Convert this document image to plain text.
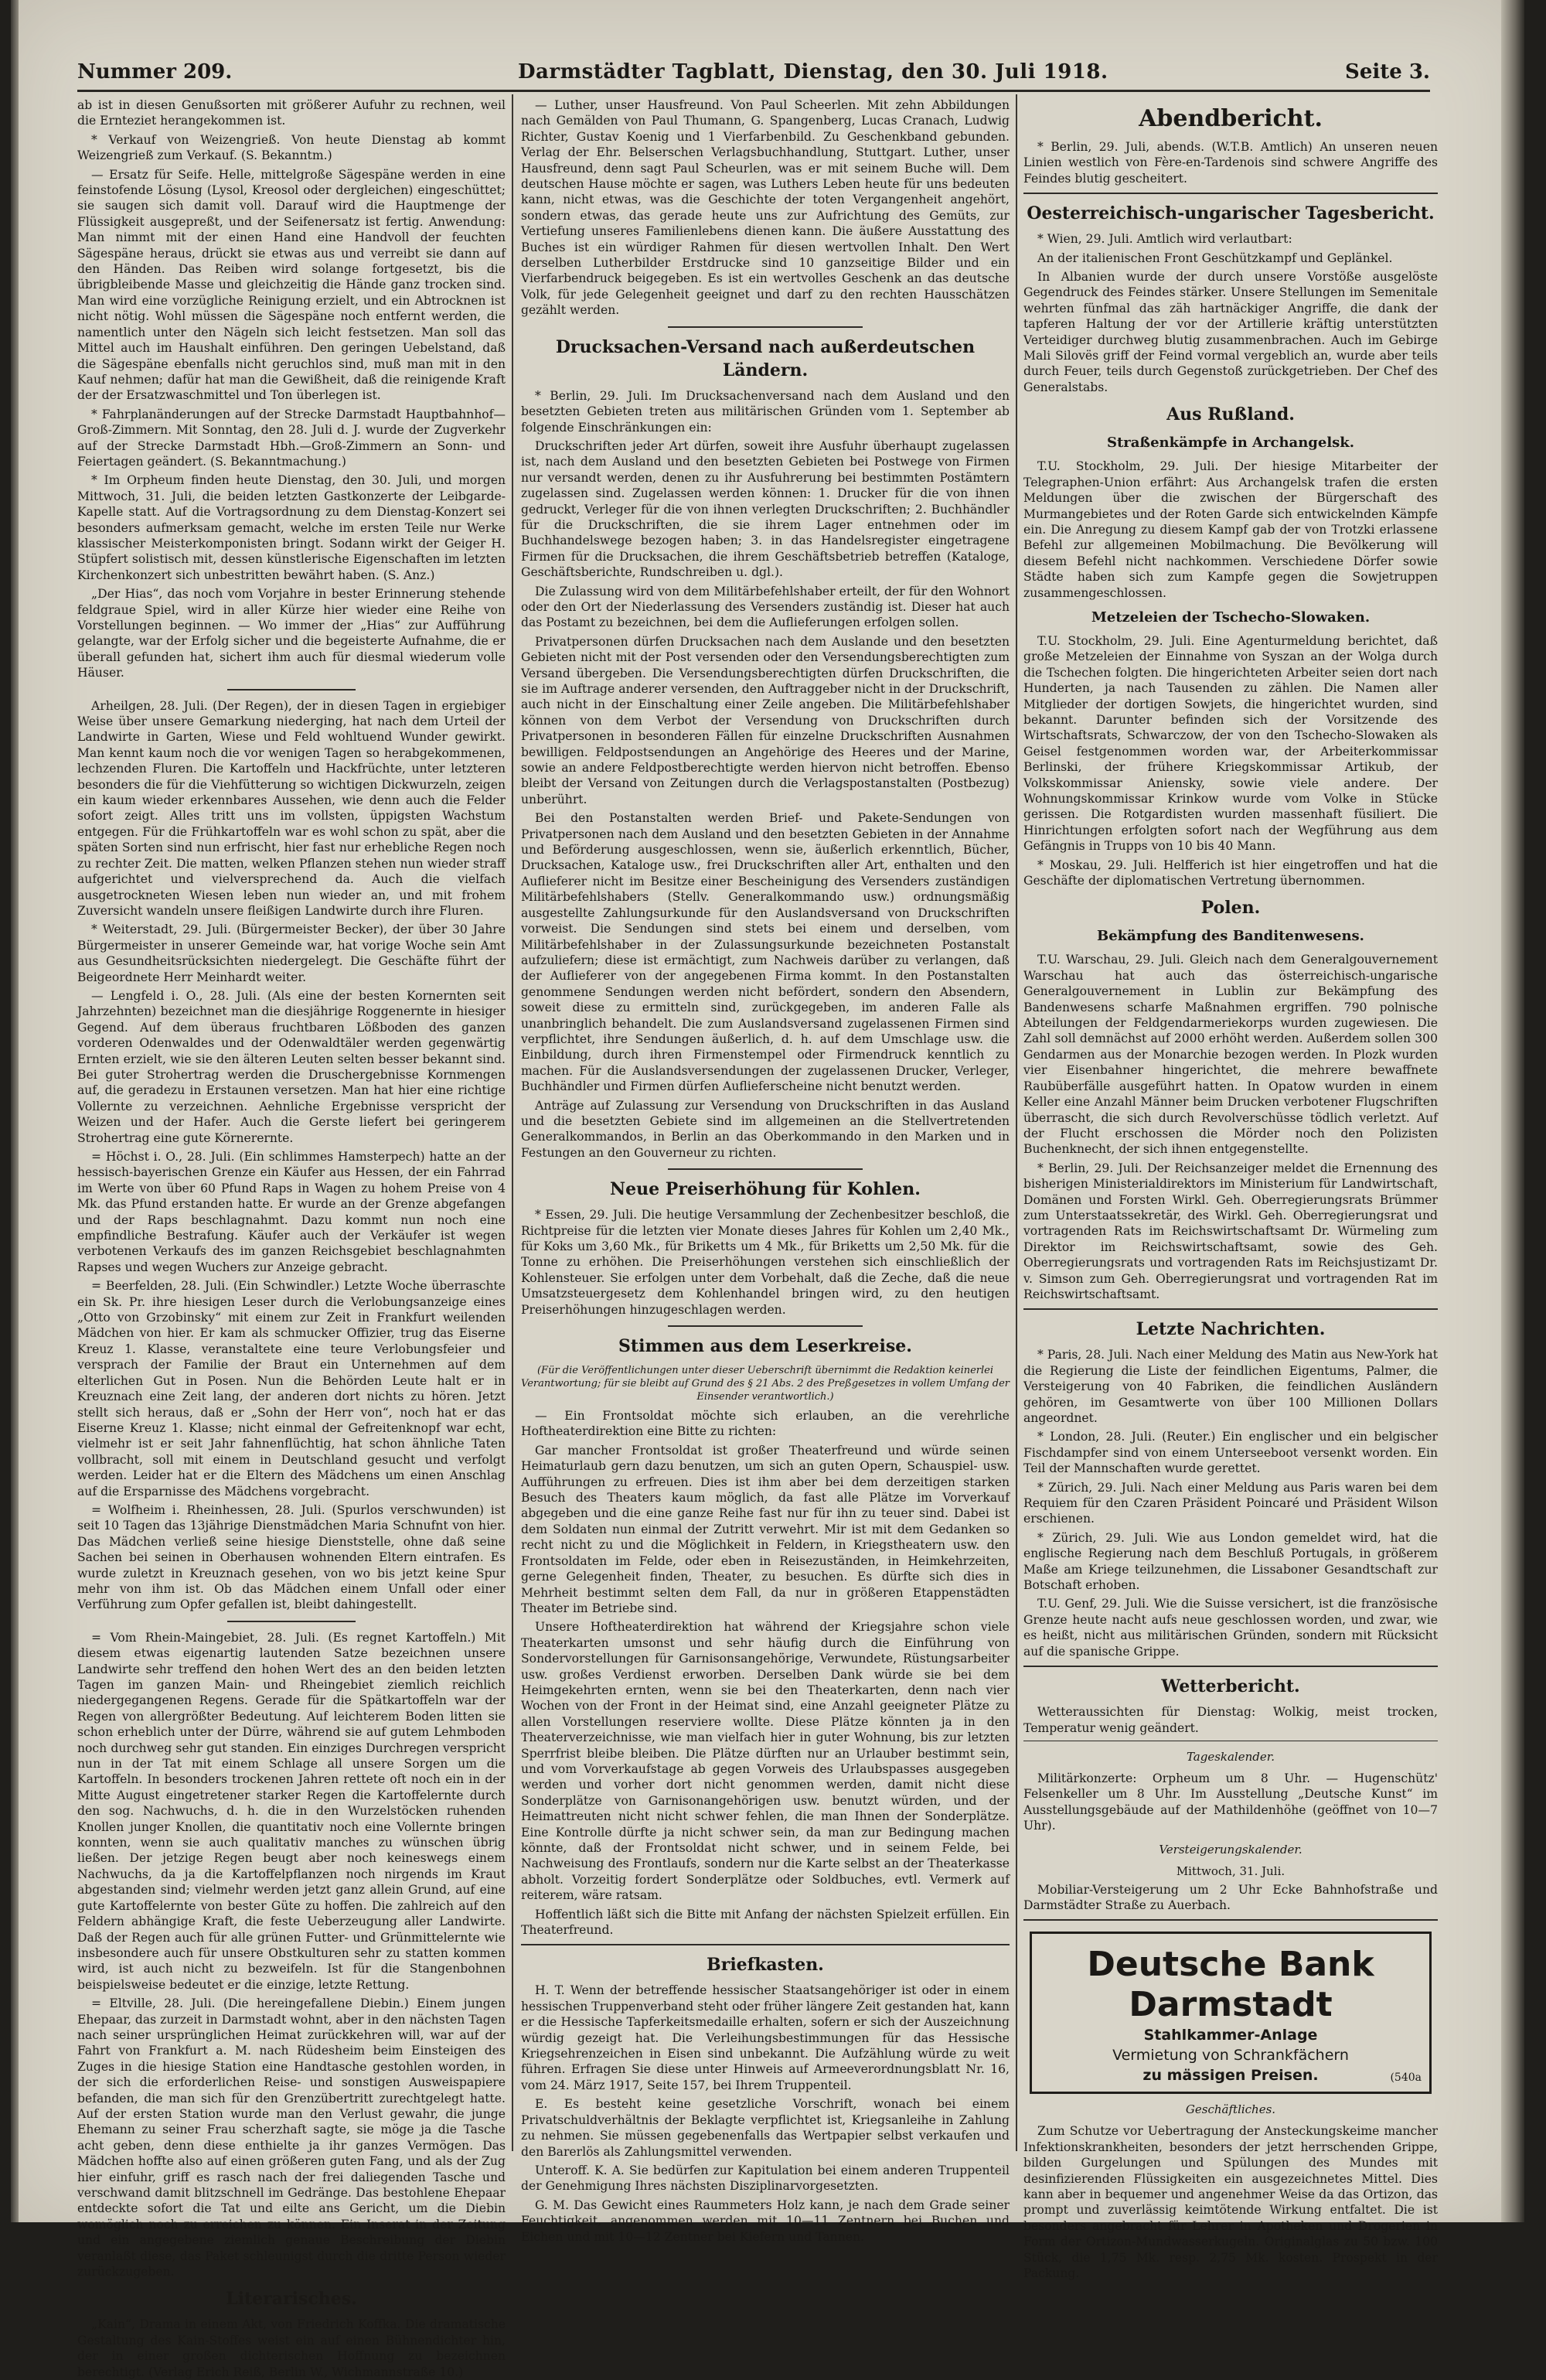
Nummer 209.	Darmstädter Tagblatt, Dienstag, den 30. Juli 1918.	Seite 3.

ab ist in diesen Genußsorten mit größerer Aufuhr zu rechnen, weil die Ernteziet herangekommen ist.

* Verkauf von Weizengrieß. Von heute Dienstag ab kommt Weizengrieß zum Verkauf. (S. Bekanntm.)

— Ersatz für Seife. Helle, mittelgroße Sägespäne werden in eine feinstofende Lösung (Lysol, Kreosol oder dergleichen) eingeschüttet; sie saugen sich damit voll. Darauf wird die Hauptmenge der Flüssigkeit ausgepreßt, und der Seifenersatz ist fertig. Anwendung: Man nimmt mit der einen Hand eine Handvoll der feuchten Sägespäne heraus, drückt sie etwas aus und verreibt sie dann auf den Händen. Das Reiben wird solange fortgesetzt, bis die übrigbleibende Masse und gleichzeitig die Hände ganz trocken sind. Man wird eine vorzügliche Reinigung erzielt, und ein Abtrocknen ist nicht nötig. Wohl müssen die Sägespäne noch entfernt werden, die namentlich unter den Nägeln sich leicht festsetzen. Man soll das Mittel auch im Haushalt einführen. Den geringen Uebelstand, daß die Sägespäne ebenfalls nicht geruchlos sind, muß man mit in den Kauf nehmen; dafür hat man die Gewißheit, daß die reinigende Kraft der der Ersatzwaschmittel und Ton überlegen ist.

* Fahrplanänderungen auf der Strecke Darmstadt Hauptbahnhof—Groß-Zimmern. Mit Sonntag, den 28. Juli d. J. wurde der Zugverkehr auf der Strecke Darmstadt Hbh.—Groß-Zimmern an Sonn- und Feiertagen geändert. (S. Bekanntmachung.)

* Im Orpheum finden heute Dienstag, den 30. Juli, und morgen Mittwoch, 31. Juli, die beiden letzten Gastkonzerte der Leibgarde-Kapelle statt. Auf die Vortragsordnung zu dem Dienstag-Konzert sei besonders aufmerksam gemacht, welche im ersten Teile nur Werke klassischer Meisterkomponisten bringt. Sodann wirkt der Geiger H. Stüpfert solistisch mit, dessen künstlerische Eigenschaften im letzten Kirchenkonzert sich unbestritten bewährt haben. (S. Anz.)

„Der Hias“, das noch vom Vorjahre in bester Erinnerung stehende feldgraue Spiel, wird in aller Kürze hier wieder eine Reihe von Vorstellungen beginnen. — Wo immer der „Hias“ zur Aufführung gelangte, war der Erfolg sicher und die begeisterte Aufnahme, die er überall gefunden hat, sichert ihm auch für diesmal wiederum volle Häuser.

Arheilgen, 28. Juli. (Der Regen), der in diesen Tagen in ergiebiger Weise über unsere Gemarkung niederging, hat nach dem Urteil der Landwirte in Garten, Wiese und Feld wohltuend Wunder gewirkt. Man kennt kaum noch die vor wenigen Tagen so herabgekommenen, lechzenden Fluren. Die Kartoffeln und Hackfrüchte, unter letzteren besonders die für die Viehfütterung so wichtigen Dickwurzeln, zeigen ein kaum wieder erkennbares Aussehen, wie denn auch die Felder sofort zeigt. Alles tritt uns im vollsten, üppigsten Wachstum entgegen. Für die Frühkartoffeln war es wohl schon zu spät, aber die späten Sorten sind nun erfrischt, hier fast nur erhebliche Regen noch zu rechter Zeit. Die matten, welken Pflanzen stehen nun wieder straff aufgerichtet und vielversprechend da. Auch die vielfach ausgetrockneten Wiesen leben nun wieder an, und mit frohem Zuversicht wandeln unsere fleißigen Landwirte durch ihre Fluren.

* Weiterstadt, 29. Juli. (Bürgermeister Becker), der über 30 Jahre Bürgermeister in unserer Gemeinde war, hat vorige Woche sein Amt aus Gesundheitsrücksichten niedergelegt. Die Geschäfte führt der Beigeordnete Herr Meinhardt weiter.

— Lengfeld i. O., 28. Juli. (Als eine der besten Kornernten seit Jahrzehnten) bezeichnet man die diesjährige Roggenernte in hiesiger Gegend. Auf dem überaus fruchtbaren Lößboden des ganzen vorderen Odenwaldes und der Odenwaldtäler werden gegenwärtig Ernten erzielt, wie sie den älteren Leuten selten besser bekannt sind. Bei guter Strohertrag werden die Druschergebnisse Kornmengen auf, die geradezu in Erstaunen versetzen. Man hat hier eine richtige Vollernte zu verzeichnen. Aehnliche Ergebnisse verspricht der Weizen und der Hafer. Auch die Gerste liefert bei geringerem Strohertrag eine gute Körnerernte.

= Höchst i. O., 28. Juli. (Ein schlimmes Hamsterpech) hatte an der hessisch-bayerischen Grenze ein Käufer aus Hessen, der ein Fahrrad im Werte von über 60 Pfund Raps in Wagen zu hohem Preise von 4 Mk. das Pfund erstanden hatte. Er wurde an der Grenze abgefangen und der Raps beschlagnahmt. Dazu kommt nun noch eine empfindliche Bestrafung. Käufer auch der Verkäufer ist wegen verbotenen Verkaufs des im ganzen Reichsgebiet beschlagnahmten Rapses und wegen Wuchers zur Anzeige gebracht.

= Beerfelden, 28. Juli. (Ein Schwindler.) Letzte Woche überraschte ein Sk. Pr. ihre hiesigen Leser durch die Verlobungsanzeige eines „Otto von Grzobinsky“ mit einem zur Zeit in Frankfurt weilenden Mädchen von hier. Er kam als schmucker Offizier, trug das Eiserne Kreuz 1. Klasse, veranstaltete eine teure Verlobungsfeier und versprach der Familie der Braut ein Unternehmen auf dem elterlichen Gut in Posen. Nun die Behörden Leute halt er in Kreuznach eine Zeit lang, der anderen dort nichts zu hören. Jetzt stellt sich heraus, daß er „Sohn der Herr von“, noch hat er das Eiserne Kreuz 1. Klasse; nicht einmal der Gefreitenknopf war echt, vielmehr ist er seit Jahr fahnenflüchtig, hat schon ähnliche Taten vollbracht, soll mit einem in Deutschland gesucht und verfolgt werden. Leider hat er die Eltern des Mädchens um einen Anschlag auf die Ersparnisse des Mädchens vorgebracht.

= Wolfheim i. Rheinhessen, 28. Juli. (Spurlos verschwunden) ist seit 10 Tagen das 13jährige Dienstmädchen Maria Schnufnt von hier. Das Mädchen verließ seine hiesige Dienststelle, ohne daß seine Sachen bei seinen in Oberhausen wohnenden Eltern eintrafen. Es wurde zuletzt in Kreuznach gesehen, von wo bis jetzt keine Spur mehr von ihm ist. Ob das Mädchen einem Unfall oder einer Verführung zum Opfer gefallen ist, bleibt dahingestellt.

= Vom Rhein-Maingebiet, 28. Juli. (Es regnet Kartoffeln.) Mit diesem etwas eigenartig lautenden Satze bezeichnen unsere Landwirte sehr treffend den hohen Wert des an den beiden letzten Tagen im ganzen Main- und Rheingebiet ziemlich reichlich niedergegangenen Regens. Gerade für die Spätkartoffeln war der Regen von allergrößter Bedeutung. Auf leichterem Boden litten sie schon erheblich unter der Dürre, während sie auf gutem Lehmboden noch durchweg sehr gut standen. Ein einziges Durchregen verspricht nun in der Tat mit einem Schlage all unsere Sorgen um die Kartoffeln. In besonders trockenen Jahren rettete oft noch ein in der Mitte August eingetretener starker Regen die Kartoffelernte durch den sog. Nachwuchs, d. h. die in den Wurzelstöcken ruhenden Knollen junger Knollen, die quantitativ noch eine Vollernte bringen konnten, wenn sie auch qualitativ manches zu wünschen übrig ließen. Der jetzige Regen beugt aber noch keineswegs einem Nachwuchs, da ja die Kartoffelpflanzen noch nirgends im Kraut abgestanden sind; vielmehr werden jetzt ganz allein Grund, auf eine gute Kartoffelernte von bester Güte zu hoffen. Die zahlreich auf den Feldern abhängige Kraft, die feste Ueberzeugung aller Landwirte. Daß der Regen auch für alle grünen Futter- und Grünmittelernte wie insbesondere auch für unsere Obstkulturen sehr zu statten kommen wird, ist auch nicht zu bezweifeln. Ist für die Stangenbohnen beispielsweise bedeutet er die einzige, letzte Rettung.

= Eltville, 28. Juli. (Die hereingefallene Diebin.) Einem jungen Ehepaar, das zurzeit in Darmstadt wohnt, aber in den nächsten Tagen nach seiner ursprünglichen Heimat zurückkehren will, war auf der Fahrt von Frankfurt a. M. nach Rüdesheim beim Einsteigen des Zuges in die hiesige Station eine Handtasche gestohlen worden, in der sich die erforderlichen Reise- und sonstigen Ausweispapiere befanden, die man sich für den Grenzübertritt zurechtgelegt hatte. Auf der ersten Station wurde man den Verlust gewahr, die junge Ehemann zu seiner Frau scherzhaft sagte, sie möge ja die Tasche acht geben, denn diese enthielte ja ihr ganzes Vermögen. Das Mädchen hoffte also auf einen größeren guten Fang, und als der Zug hier einfuhr, griff es rasch nach der frei daliegenden Tasche und verschwand damit blitzschnell im Gedränge. Das bestohlene Ehepaar entdeckte sofort die Tat und eilte ans Gericht, um die Diebin womöglich noch zu erreichen zu können. Ein Inserat in der Zeitung und ein angegebene ziemlich genaue Beschreibung der Diebin veranlaßt diese, das Paket schleunigst durch die dritte Person wieder zurückzugeben.

Literarisches.

„Kain“, Drama in einem Akt, von Friedrich Koffka. Die dramatische Gestaltung des Kain-Stoffes weist ein auf einen Bühnendichter hin, der in einer großen dichterischen Hoffnung zu bezeichnen berechtigt. (Verlag Erich Reiß, Berlin W., Wichmannstraße 10.)

— Luther, unser Hausfreund. Von Paul Scheerlen. Mit zehn Abbildungen nach Gemälden von Paul Thumann, G. Spangenberg, Lucas Cranach, Ludwig Richter, Gustav Koenig und 1 Vierfarbenbild. Zu Geschenkband gebunden. Verlag der Ehr. Belserschen Verlagsbuchhandlung, Stuttgart. Luther, unser Hausfreund, denn sagt Paul Scheurlen, was er mit seinem Buche will. Dem deutschen Hause möchte er sagen, was Luthers Leben heute für uns bedeuten kann, nicht etwas, was die Geschichte der toten Vergangenheit angehört, sondern etwas, das gerade heute uns zur Aufrichtung des Gemüts, zur Vertiefung unseres Familienlebens dienen kann. Die äußere Ausstattung des Buches ist ein würdiger Rahmen für diesen wertvollen Inhalt. Den Wert derselben Lutherbilder Erstdrucke sind 10 ganzseitige Bilder und ein Vierfarbendruck beigegeben. Es ist ein wertvolles Geschenk an das deutsche Volk, für jede Gelegenheit geeignet und darf zu den rechten Hausschätzen gezählt werden.

Drucksachen-Versand nach außerdeutschen Ländern.

* Berlin, 29. Juli. Im Drucksachenversand nach dem Ausland und den besetzten Gebieten treten aus militärischen Gründen vom 1. September ab folgende Einschränkungen ein:

Druckschriften jeder Art dürfen, soweit ihre Ausfuhr überhaupt zugelassen ist, nach dem Ausland und den besetzten Gebieten bei Postwege von Firmen nur versandt werden, denen zu ihr Ausfuhrerung bei bestimmten Postämtern zugelassen sind. Zugelassen werden können: 1. Drucker für die von ihnen gedruckt, Verleger für die von ihnen verlegten Druckschriften; 2. Buchhändler für die Druckschriften, die sie ihrem Lager entnehmen oder im Buchhandelswege bezogen haben; 3. in das Handelsregister eingetragene Firmen für die Drucksachen, die ihrem Geschäftsbetrieb betreffen (Kataloge, Geschäftsberichte, Rundschreiben u. dgl.).

Die Zulassung wird von dem Militärbefehlshaber erteilt, der für den Wohnort oder den Ort der Niederlassung des Versenders zuständig ist. Dieser hat auch das Postamt zu bezeichnen, bei dem die Auflieferungen erfolgen sollen.

Privatpersonen dürfen Drucksachen nach dem Auslande und den besetzten Gebieten nicht mit der Post versenden oder den Versendungsberechtigten zum Versand übergeben. Die Versendungsberechtigten dürfen Druckschriften, die sie im Auftrage anderer versenden, den Auftraggeber nicht in der Druckschrift, auch nicht in der Einschaltung einer Zeile angeben. Die Militärbefehlshaber können von dem Verbot der Versendung von Druckschriften durch Privatpersonen in besonderen Fällen für einzelne Druckschriften Ausnahmen bewilligen. Feldpostsendungen an Angehörige des Heeres und der Marine, sowie an andere Feldpostberechtigte werden hiervon nicht betroffen. Ebenso bleibt der Versand von Zeitungen durch die Verlagspostanstalten (Postbezug) unberührt.

Bei den Postanstalten werden Brief- und Pakete-Sendungen von Privatpersonen nach dem Ausland und den besetzten Gebieten in der Annahme und Beförderung ausgeschlossen, wenn sie, äußerlich erkenntlich, Bücher, Drucksachen, Kataloge usw., frei Druckschriften aller Art, enthalten und den Auflieferer nicht im Besitze einer Bescheinigung des Versenders zuständigen Militärbefehlshabers (Stellv. Generalkommando usw.) ordnungsmäßig ausgestellte Zahlungsurkunde für den Auslandsversand von Druckschriften vorweist. Die Sendungen sind stets bei einem und derselben, vom Militärbefehlshaber in der Zulassungsurkunde bezeichneten Postanstalt aufzuliefern; diese ist ermächtigt, zum Nachweis darüber zu verlangen, daß der Auflieferer von der angegebenen Firma kommt. In den Postanstalten genommene Sendungen werden nicht befördert, sondern den Absendern, soweit diese zu ermitteln sind, zurückgegeben, im anderen Falle als unanbringlich behandelt. Die zum Auslandsversand zugelassenen Firmen sind verpflichtet, ihre Sendungen äußerlich, d. h. auf dem Umschlage usw. die Einbildung, durch ihren Firmenstempel oder Firmendruck kenntlich zu machen. Für die Auslandsversendungen der zugelassenen Drucker, Verleger, Buchhändler und Firmen dürfen Auflieferscheine nicht benutzt werden.

Anträge auf Zulassung zur Versendung von Druckschriften in das Ausland und die besetzten Gebiete sind im allgemeinen an die Stellvertretenden Generalkommandos, in Berlin an das Oberkommando in den Marken und in Festungen an den Gouverneur zu richten.

Neue Preiserhöhung für Kohlen.

* Essen, 29. Juli. Die heutige Versammlung der Zechenbesitzer beschloß, die Richtpreise für die letzten vier Monate dieses Jahres für Kohlen um 2,40 Mk., für Koks um 3,60 Mk., für Briketts um 4 Mk., für Briketts um 2,50 Mk. für die Tonne zu erhöhen. Die Preiserhöhungen verstehen sich einschließlich der Kohlensteuer. Sie erfolgen unter dem Vorbehalt, daß die Zeche, daß die neue Umsatzsteuergesetz dem Kohlenhandel bringen wird, zu den heutigen Preiserhöhungen hinzugeschlagen werden.

Stimmen aus dem Leserkreise.
(Für die Veröffentlichungen unter dieser Ueberschrift übernimmt die Redaktion keinerlei Verantwortung; für sie bleibt auf Grund des § 21 Abs. 2 des Preßgesetzes in vollem Umfang der Einsender verantwortlich.)

— Ein Frontsoldat möchte sich erlauben, an die verehrliche Hoftheaterdirektion eine Bitte zu richten:

Gar mancher Frontsoldat ist großer Theaterfreund und würde seinen Heimaturlaub gern dazu benutzen, um sich an guten Opern, Schauspiel- usw. Aufführungen zu erfreuen. Dies ist ihm aber bei dem derzeitigen starken Besuch des Theaters kaum möglich, da fast alle Plätze im Vorverkauf abgegeben und die eine ganze Reihe fast nur für ihn zu teuer sind. Dabei ist dem Soldaten nun einmal der Zutritt verwehrt. Mir ist mit dem Gedanken so recht nicht zu und die Möglichkeit in Feldern, in Kriegstheatern usw. den Frontsoldaten im Felde, oder eben in Reisezuständen, in Heimkehrzeiten, gerne Gelegenheit finden, Theater, zu besuchen. Es dürfte sich dies in Mehrheit bestimmt selten dem Fall, da nur in größeren Etappenstädten Theater im Betriebe sind.

Unsere Hoftheaterdirektion hat während der Kriegsjahre schon viele Theaterkarten umsonst und sehr häufig durch die Einführung von Sondervorstellungen für Garnisonsangehörige, Verwundete, Rüstungsarbeiter usw. großes Verdienst erworben. Derselben Dank würde sie bei dem Heimgekehrten ernten, wenn sie bei den Theaterkarten, denn nach vier Wochen von der Front in der Heimat sind, eine Anzahl geeigneter Plätze zu allen Vorstellungen reserviere wollte. Diese Plätze könnten ja in den Theaterverzeichnisse, wie man vielfach hier in guter Wohnung, bis zur letzten Sperrfrist bleibe bleiben. Die Plätze dürften nur an Urlauber bestimmt sein, und vom Vorverkaufstage ab gegen Vorweis des Urlaubspasses ausgegeben werden und vorher dort nicht genommen werden, damit nicht diese Sonderplätze von Garnisonangehörigen usw. benutzt würden, und der Heimattreuten nicht nicht schwer fehlen, die man Ihnen der Sonderplätze. Eine Kontrolle dürfte ja nicht schwer sein, da man zur Bedingung machen könnte, daß der Frontsoldat nicht schwer, und in seinem Felde, bei Nachweisung des Frontlaufs, sondern nur die Karte selbst an der Theaterkasse abholt. Vorzeitig fordert Sonderplätze oder Soldbuches, evtl. Vermerk auf reiterem, wäre ratsam.

Hoffentlich läßt sich die Bitte mit Anfang der nächsten Spielzeit erfüllen. Ein Theaterfreund.

Briefkasten.

H. T. Wenn der betreffende hessischer Staatsangehöriger ist oder in einem hessischen Truppenverband steht oder früher längere Zeit gestanden hat, kann er die Hessische Tapferkeitsmedaille erhalten, sofern er sich der Auszeichnung würdig gezeigt hat. Die Verleihungsbestimmungen für das Hessische Kriegsehrenzeichen in Eisen sind unbekannt. Die Aufzählung würde zu weit führen. Erfragen Sie diese unter Hinweis auf Armeeverordnungsblatt Nr. 16, vom 24. März 1917, Seite 157, bei Ihrem Truppenteil.

E. Es besteht keine gesetzliche Vorschrift, wonach bei einem Privatschuldverhältnis der Beklagte verpflichtet ist, Kriegsanleihe in Zahlung zu nehmen. Sie müssen gegebenenfalls das Wertpapier selbst verkaufen und den Barerlös als Zahlungsmittel verwenden.

Unteroff. K. A. Sie bedürfen zur Kapitulation bei einem anderen Truppenteil der Genehmigung Ihres nächsten Disziplinarvorgesetzten.

G. M. Das Gewicht eines Raummeters Holz kann, je nach dem Grade seiner Feuchtigkeit, angenommen werden mit 10—11 Zentnern bei Buchen und Eichen und mit 10—12 Zentner bei Kiefern und Tannen.

Abendbericht.

* Berlin, 29. Juli, abends. (W.T.B. Amtlich) An unseren neuen Linien westlich von Fère-en-Tardenois sind schwere Angriffe des Feindes blutig gescheitert.

Oesterreichisch-ungarischer Tagesbericht.

* Wien, 29. Juli. Amtlich wird verlautbart:

An der italienischen Front Geschützkampf und Geplänkel.

In Albanien wurde der durch unsere Vorstöße ausgelöste Gegendruck des Feindes stärker. Unsere Stellungen im Semenitale wehrten fünfmal das zäh hartnäckiger Angriffe, die dank der tapferen Haltung der vor der Artillerie kräftig unterstützten Verteidiger durchweg blutig zusammenbrachen. Auch im Gebirge Mali Silovës griff der Feind vormal vergeblich an, wurde aber teils durch Feuer, teils durch Gegenstoß zurückgetrieben. Der Chef des Generalstabs.

Aus Rußland.
Straßenkämpfe in Archangelsk.

T.U. Stockholm, 29. Juli. Der hiesige Mitarbeiter der Telegraphen-Union erfährt: Aus Archangelsk trafen die ersten Meldungen über die zwischen der Bürgerschaft des Murmangebietes und der Roten Garde sich entwickelnden Kämpfe ein. Die Anregung zu diesem Kampf gab der von Trotzki erlassene Befehl zur allgemeinen Mobilmachung. Die Bevölkerung will diesem Befehl nicht nachkommen. Verschiedene Dörfer sowie Städte haben sich zum Kampfe gegen die Sowjetruppen zusammengeschlossen.

Metzeleien der Tschecho-Slowaken.

T.U. Stockholm, 29. Juli. Eine Agenturmeldung berichtet, daß große Metzeleien der Einnahme von Syszan an der Wolga durch die Tschechen folgten. Die hingerichteten Arbeiter seien dort nach Hunderten, ja nach Tausenden zu zählen. Die Namen aller Mitglieder der dortigen Sowjets, die hingerichtet wurden, sind bekannt. Darunter befinden sich der Vorsitzende des Wirtschaftsrats, Schwarczow, der von den Tschecho-Slowaken als Geisel festgenommen worden war, der Arbeiterkommissar Berlinski, der frühere Kriegskommissar Artikub, der Volkskommissar Aniensky, sowie viele andere. Der Wohnungskommissar Krinkow wurde vom Volke in Stücke gerissen. Die Rotgardisten wurden massenhaft füsiliert. Die Hinrichtungen erfolgten sofort nach der Wegführung aus dem Gefängnis in Trupps von 10 bis 40 Mann.

* Moskau, 29. Juli. Helfferich ist hier eingetroffen und hat die Geschäfte der diplomatischen Vertretung übernommen.

Polen.
Bekämpfung des Banditenwesens.

T.U. Warschau, 29. Juli. Gleich nach dem Generalgouvernement Warschau hat auch das österreichisch-ungarische Generalgouvernement in Lublin zur Bekämpfung des Bandenwesens scharfe Maßnahmen ergriffen. 790 polnische Abteilungen der Feldgendarmeriekorps wurden zugewiesen. Die Zahl soll demnächst auf 2000 erhöht werden. Außerdem sollen 300 Gendarmen aus der Monarchie bezogen werden. In Plozk wurden vier Eisenbahner hingerichtet, die mehrere bewaffnete Raubüberfälle ausgeführt hatten. In Opatow wurden in einem Keller eine Anzahl Männer beim Drucken verbotener Flugschriften überrascht, die sich durch Revolverschüsse tödlich verletzt. Auf der Flucht erschossen die Mörder noch den Polizisten Buchenknecht, der sich ihnen entgegenstellte.

* Berlin, 29. Juli. Der Reichsanzeiger meldet die Ernennung des bisherigen Ministerialdirektors im Ministerium für Landwirtschaft, Domänen und Forsten Wirkl. Geh. Oberregierungsrats Brümmer zum Unterstaatssekretär, des Wirkl. Geh. Oberregierungsrat und vortragenden Rats im Reichswirtschaftsamt Dr. Würmeling zum Direktor im Reichswirtschaftsamt, sowie des Geh. Oberregierungsrats und vortragenden Rats im Reichsjustizamt Dr. v. Simson zum Geh. Oberregierungsrat und vortragenden Rat im Reichswirtschaftsamt.

Letzte Nachrichten.

* Paris, 28. Juli. Nach einer Meldung des Matin aus New-York hat die Regierung die Liste der feindlichen Eigentums, Palmer, die Versteigerung von 40 Fabriken, die feindlichen Ausländern gehören, im Gesamtwerte von über 100 Millionen Dollars angeordnet.

* London, 28. Juli. (Reuter.) Ein englischer und ein belgischer Fischdampfer sind von einem Unterseeboot versenkt worden. Ein Teil der Mannschaften wurde gerettet.

* Zürich, 29. Juli. Nach einer Meldung aus Paris waren bei dem Requiem für den Czaren Präsident Poincaré und Präsident Wilson erschienen.

* Zürich, 29. Juli. Wie aus London gemeldet wird, hat die englische Regierung nach dem Beschluß Portugals, in größerem Maße am Kriege teilzunehmen, die Lissaboner Gesandtschaft zur Botschaft erhoben.

T.U. Genf, 29. Juli. Wie die Suisse versichert, ist die französische Grenze heute nacht aufs neue geschlossen worden, und zwar, wie es heißt, nicht aus militärischen Gründen, sondern mit Rücksicht auf die spanische Grippe.

Wetterbericht.

Wetteraussichten für Dienstag: Wolkig, meist trocken, Temperatur wenig geändert.

Tageskalender.

Militärkonzerte: Orpheum um 8 Uhr. — Hugenschütz' Felsenkeller um 8 Uhr. Im Ausstellung „Deutsche Kunst“ im Ausstellungsgebäude auf der Mathildenhöhe (geöffnet von 10—7 Uhr).

Versteigerungskalender.
Mittwoch, 31. Juli.

Mobiliar-Versteigerung um 2 Uhr Ecke Bahnhofstraße und Darmstädter Straße zu Auerbach.

Deutsche Bank Darmstadt
Stahlkammer-Anlage
Vermietung von Schrankfächern
zu mässigen Preisen.	(540a
Geschäftliches.

Zum Schutze vor Uebertragung der Ansteckungskeime mancher Infektionskrankheiten, besonders der jetzt herrschenden Grippe, bilden Gurgelungen und Spülungen des Mundes mit desinfizierenden Flüssigkeiten ein ausgezeichnetes Mittel. Dies kann aber in bequemer und angenehmer Weise da das Ortizon, das prompt und zuverlässig keimtötende Wirkung entfaltet. Die ist besonders angebracht für Lehrer in Apotheken und Drogerien in Form der Ortizon-Mundwasserkugeln. Originalglas zu 50 bzw. 100 Stück, die 1,75 Mk. resp. 2,75 Mk. kosten. Prospekt in der Packung.
